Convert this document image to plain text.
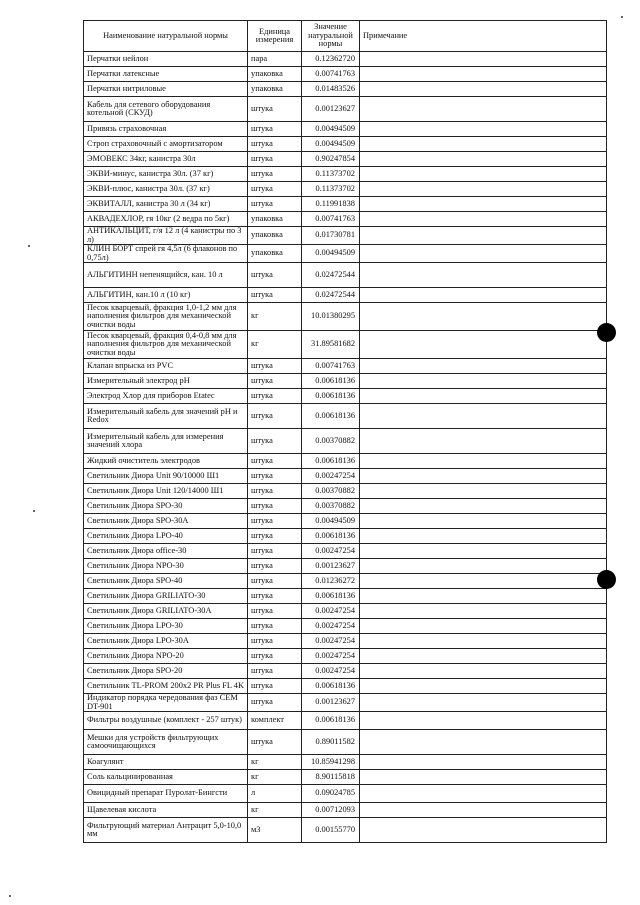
Наименование натуральной нормы	Единица измерения	Значение натуральной нормы	Примечание
Перчатки нейлон	пара	0.12362720	
Перчатки латексные	упаковка	0.00741763	
Перчатки нитриловые	упаковка	0.01483526	
Кабель для сетевого оборудования котельной (СКУД)	штука	0.00123627	
Привязь страховочная	штука	0.00494509	
Строп страховочный с амортизатором	штука	0.00494509	
ЭМОВЕКС 34кг, канистра 30л	штука	0.90247854	
ЭКВИ-минус, канистра 30л. (37 кг)	штука	0.11373702	
ЭКВИ-плюс, канистра 30л. (37 кг)	штука	0.11373702	
ЭКВИТАЛЛ, канистра 30 л (34 кг)	штука	0.11991838	
АКВАДЕХЛОР, гя 10кг (2 ведра по 5кг)	упаковка	0.00741763	
АНТИКАЛЬЦИТ, г/я 12 л (4 канистры по 3 л)	упаковка	0.01730781	
КЛИН БОРТ спрей гя 4,5л (6 флаконов по 0,75л)	упаковка	0.00494509	
АЛЬГИТИНН непенящийся, кан. 10 л	штука	0.02472544	
АЛЬГИТИН, кан.10 л (10 кг)	штука	0.02472544	
Песок кварцевый, фракция 1,0-1,2 мм для наполнения фильтров для механической очистки воды	кг	10.01380295	
Песок кварцевый, фракция 0,4-0,8 мм для наполнения фильтров для механической очистки воды	кг	31.89581682	
Клапан впрыска из PVC	штука	0.00741763	
Измерительный электрод pH	штука	0.00618136	
Электрод Хлор для приборов Etatec	штука	0.00618136	
Измерительный кабель для значений pH и Redox	штука	0.00618136	
Измерительный кабель для измерения значений хлора	штука	0.00370882	
Жидкий очиститель электродов	штука	0.00618136	
Светильник Диора Unit 90/10000 Ш1	штука	0.00247254	
Светильник Диора Unit 120/14000 Ш1	штука	0.00370882	
Светильник Диора SPO-30	штука	0.00370882	
Светильник Диора SPO-30A	штука	0.00494509	
Светильник Диора LPO-40	штука	0.00618136	
Светильник Диора office-30	штука	0.00247254	
Светильник Диора NPO-30	штука	0.00123627	
Светильник Диора SPO-40	штука	0.01236272	
Светильник Диора GRILIATO-30	штука	0.00618136	
Светильник Диора GRILIATO-30A	штука	0.00247254	
Светильник Диора LPO-30	штука	0.00247254	
Светильник Диора LPO-30A	штука	0.00247254	
Светильник Диора NPO-20	штука	0.00247254	
Светильник Диора SPO-20	штука	0.00247254	
Светильник TL-PROM 200x2 PR Plus FL 4K	штука	0.00618136	
Индикатор порядка чередования фаз СЕМ DT-901	штука	0.00123627	
Фильтры воздушные (комплект - 257 штук)	комплект	0.00618136	
Мешки для устройств фильтрующих самоочищающихся	штука	0.89011582	
Коагулянт	кг	10.85941298	
Соль кальцинированная	кг	8.90115818	
Овицидный препарат Пуролат-Бингсти	л	0.09024785	
Щавелевая кислота	кг	0.00712093	
Фильтрующий материал Антрацит 5,0-10,0 мм	м3	0.00155770	
